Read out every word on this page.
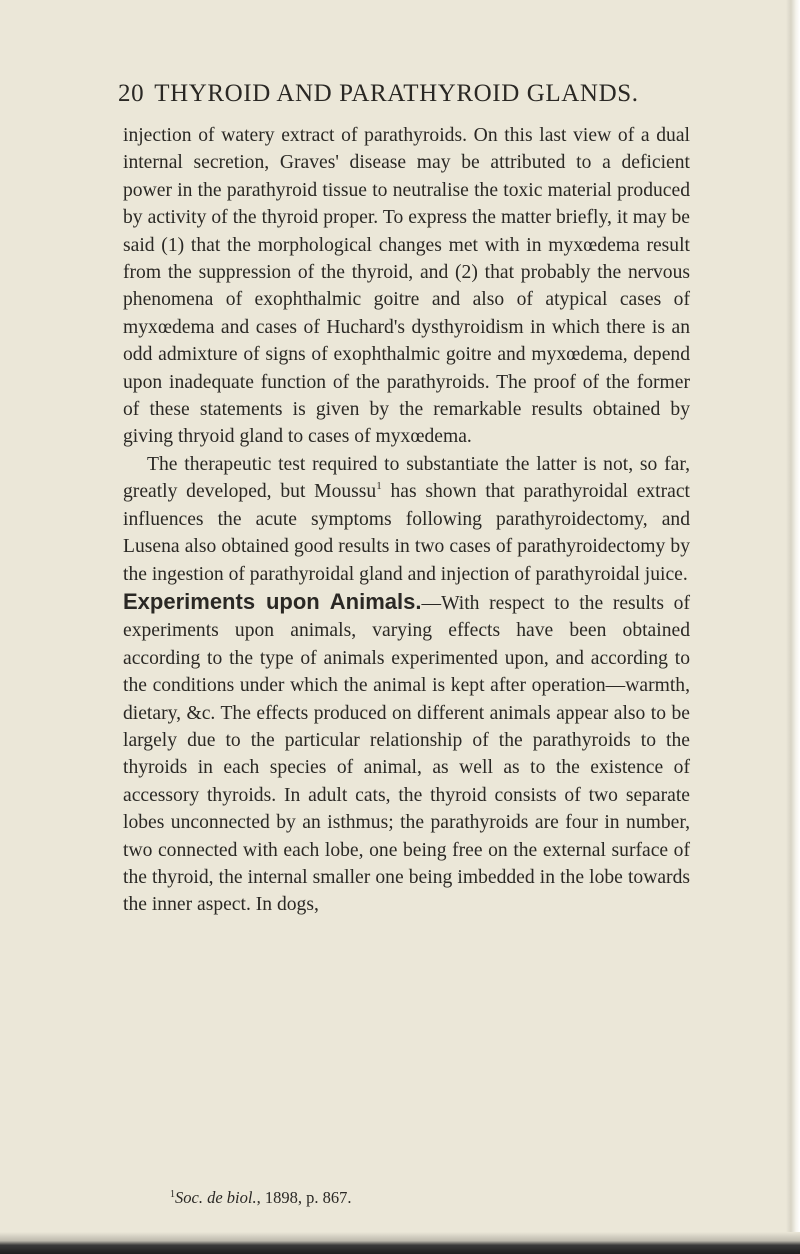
20 THYROID AND PARATHYROID GLANDS.

injection of watery extract of parathyroids. On this last view of a dual internal secretion, Graves' disease may be attributed to a deficient power in the parathyroid tissue to neutralise the toxic material produced by activity of the thyroid proper. To express the matter briefly, it may be said (1) that the morphological changes met with in myxœdema result from the suppression of the thyroid, and (2) that probably the nervous phenomena of exophthalmic goitre and also of atypical cases of myxœdema and cases of Huchard's dysthyroidism in which there is an odd admixture of signs of exophthalmic goitre and myxœdema, depend upon inadequate function of the parathyroids. The proof of the former of these statements is given by the remarkable results obtained by giving thryoid gland to cases of myxœdema.

The therapeutic test required to substantiate the latter is not, so far, greatly developed, but Moussu$^1$ has shown that parathyroidal extract influences the acute symptoms following parathyroidectomy, and Lusena also obtained good results in two cases of parathyroidectomy by the ingestion of parathyroidal gland and injection of parathyroidal juice.

Experiments upon Animals.—With respect to the results of experiments upon animals, varying effects have been obtained according to the type of animals experimented upon, and according to the conditions under which the animal is kept after operation—warmth, dietary, &c. The effects produced on different animals appear also to be largely due to the particular relationship of the parathyroids to the thyroids in each species of animal, as well as to the existence of accessory thyroids. In adult cats, the thyroid consists of two separate lobes unconnected by an isthmus; the parathyroids are four in number, two connected with each lobe, one being free on the external surface of the thyroid, the internal smaller one being imbedded in the lobe towards the inner aspect. In dogs,

$^1$Soc. de biol., 1898, p. 867.
